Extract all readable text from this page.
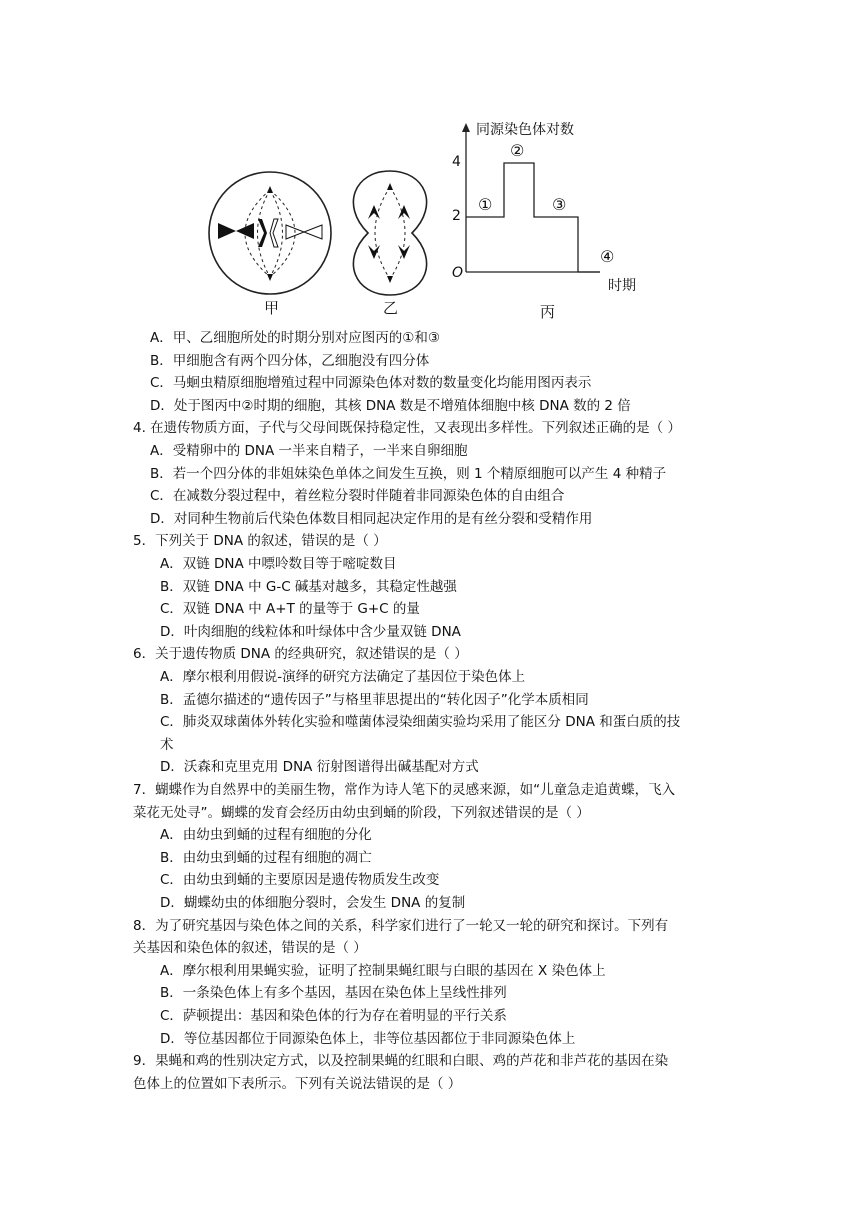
甲	乙	丙
同源染色体对数
时期
O
4
2
①
②
③
④
A．甲、乙细胞所处的时期分别对应图丙的①和③
B．甲细胞含有两个四分体，乙细胞没有四分体
C．马蛔虫精原细胞增殖过程中同源染色体对数的数量变化均能用图丙表示
D．处于图丙中②时期的细胞，其核 DNA 数是不增殖体细胞中核 DNA 数的 2 倍
4. 在遗传物质方面，子代与父母间既保持稳定性，又表现出多样性。下列叙述正确的是（ ）
A．受精卵中的 DNA 一半来自精子，一半来自卵细胞
B．若一个四分体的非姐妹染色单体之间发生互换，则 1 个精原细胞可以产生 4 种精子
C．在减数分裂过程中，着丝粒分裂时伴随着非同源染色体的自由组合
D．对同种生物前后代染色体数目相同起决定作用的是有丝分裂和受精作用
5．下列关于 DNA 的叙述，错误的是（ ）
A．双链 DNA 中嘌呤数目等于嘧啶数目
B．双链 DNA 中 G-C 碱基对越多，其稳定性越强
C．双链 DNA 中 A+T 的量等于 G+C 的量
D．叶肉细胞的线粒体和叶绿体中含少量双链 DNA
6．关于遗传物质 DNA 的经典研究，叙述错误的是（ ）
A．摩尔根利用假说-演绎的研究方法确定了基因位于染色体上
B．孟德尔描述的“遗传因子”与格里菲思提出的“转化因子”化学本质相同
C．肺炎双球菌体外转化实验和噬菌体浸染细菌实验均采用了能区分 DNA 和蛋白质的技
术
D．沃森和克里克用 DNA 衍射图谱得出碱基配对方式
7．蝴蝶作为自然界中的美丽生物，常作为诗人笔下的灵感来源，如“儿童急走追黄蝶，飞入
菜花无处寻”。蝴蝶的发育会经历由幼虫到蛹的阶段，下列叙述错误的是（ ）
A．由幼虫到蛹的过程有细胞的分化
B．由幼虫到蛹的过程有细胞的凋亡
C．由幼虫到蛹的主要原因是遗传物质发生改变
D．蝴蝶幼虫的体细胞分裂时，会发生 DNA 的复制
8．为了研究基因与染色体之间的关系，科学家们进行了一轮又一轮的研究和探讨。下列有
关基因和染色体的叙述，错误的是（ ）
A．摩尔根利用果蝇实验，证明了控制果蝇红眼与白眼的基因在 X 染色体上
B．一条染色体上有多个基因，基因在染色体上呈线性排列
C．萨顿提出：基因和染色体的行为存在着明显的平行关系
D．等位基因都位于同源染色体上，非等位基因都位于非同源染色体上
9．果蝇和鸡的性别决定方式，以及控制果蝇的红眼和白眼、鸡的芦花和非芦花的基因在染
色体上的位置如下表所示。下列有关说法错误的是（ ）
